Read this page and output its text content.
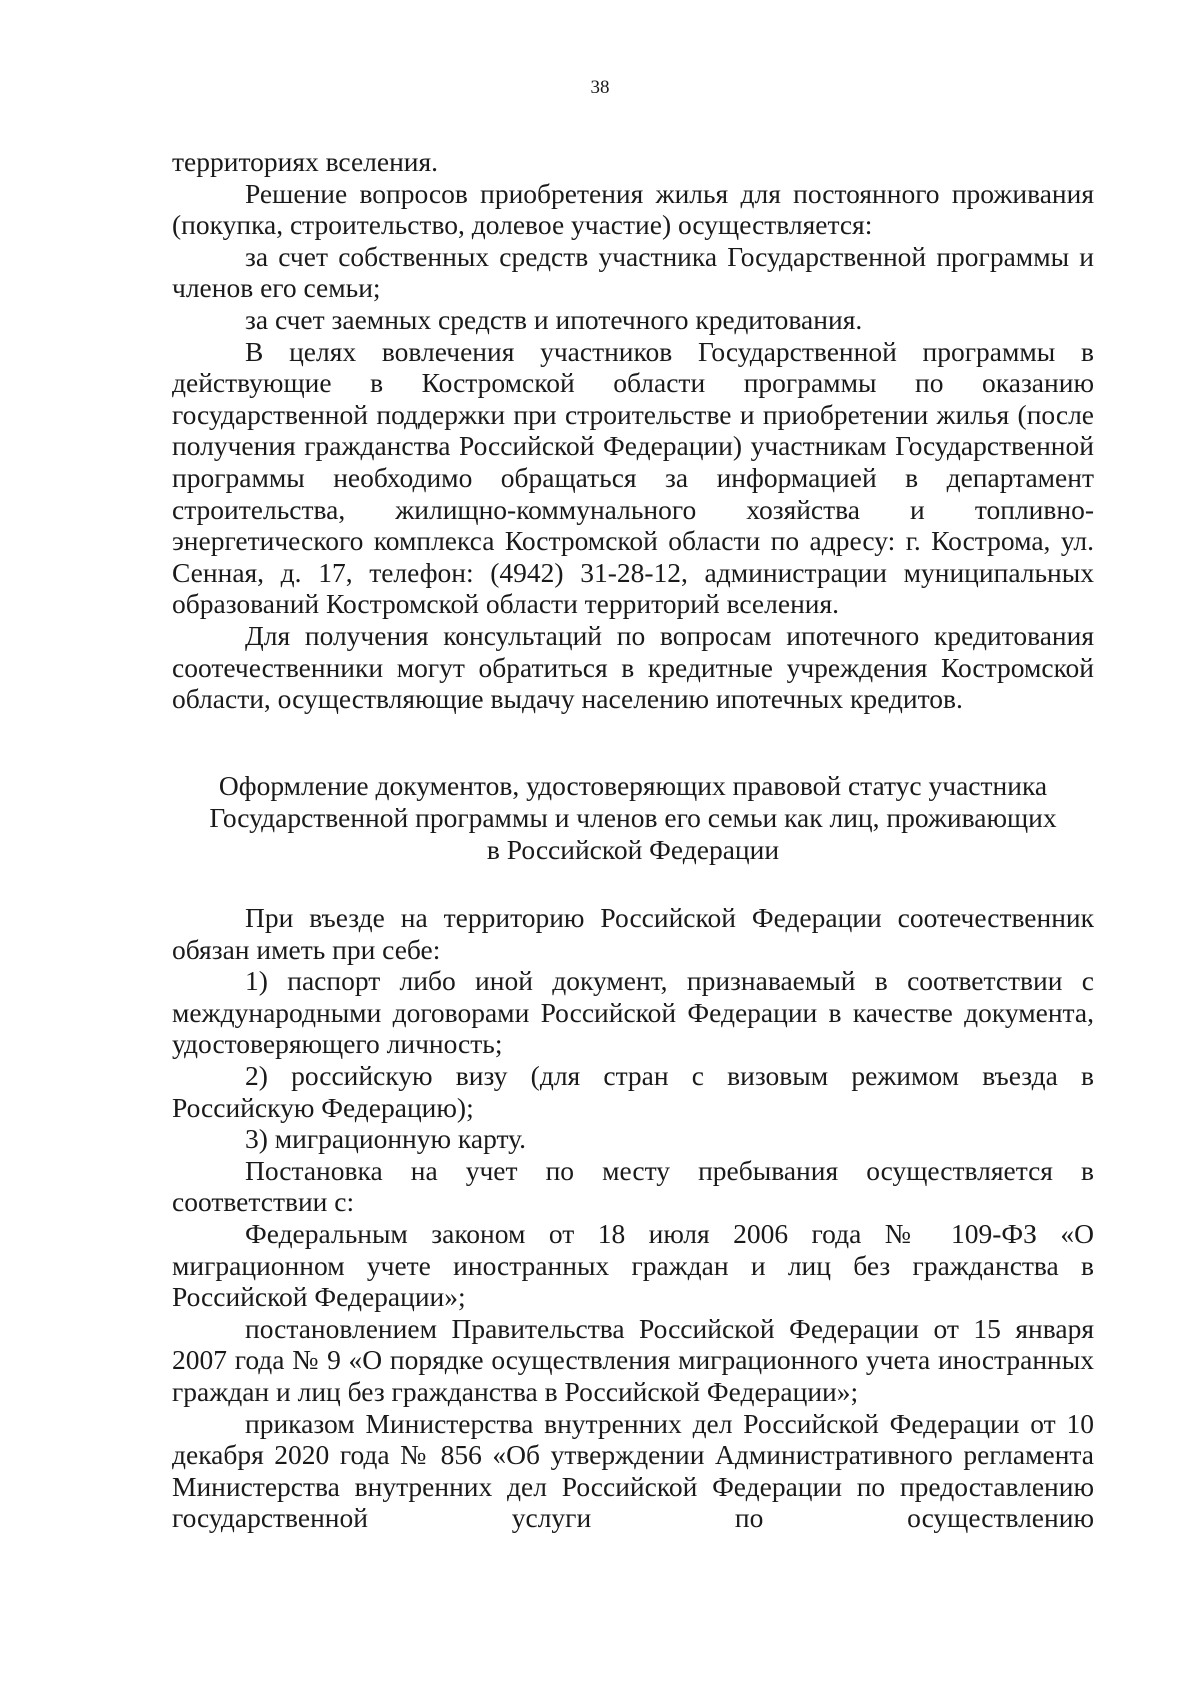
38

территориях вселения.

Решение вопросов приобретения жилья для постоянного проживания (покупка, строительство, долевое участие) осуществляется:

за счет собственных средств участника Государственной программы и членов его семьи;

за счет заемных средств и ипотечного кредитования.

В целях вовлечения участников Государственной программы в действующие в Костромской области программы по оказанию государственной поддержки при строительстве и приобретении жилья (после получения гражданства Российской Федерации) участникам Государственной программы необходимо обращаться за информацией в департамент строительства, жилищно-коммунального хозяйства и топливно-энергетического комплекса Костромской области по адресу: г. Кострома, ул. Сенная, д. 17, телефон: (4942) 31-28-12, администрации муниципальных образований Костромской области территорий вселения.

Для получения консультаций по вопросам ипотечного кредитования соотечественники могут обратиться в кредитные учреждения Костромской области, осуществляющие выдачу населению ипотечных кредитов.

Оформление документов, удостоверяющих правовой статус участника
Государственной программы и членов его семьи как лиц, проживающих
в Российской Федерации

При въезде на территорию Российской Федерации соотечественник обязан иметь при себе:

1) паспорт либо иной документ, признаваемый в соответствии с международными договорами Российской Федерации в качестве документа, удостоверяющего личность;

2) российскую визу (для стран с визовым режимом въезда в Российскую Федерацию);

3) миграционную карту.

Постановка на учет по месту пребывания осуществляется в соответствии с:

Федеральным законом от 18 июля 2006 года № 109-ФЗ «О миграционном учете иностранных граждан и лиц без гражданства в Российской Федерации»;

постановлением Правительства Российской Федерации от 15 января 2007 года № 9 «О порядке осуществления миграционного учета иностранных граждан и лиц без гражданства в Российской Федерации»;

приказом Министерства внутренних дел Российской Федерации от 10 декабря 2020 года № 856 «Об утверждении Административного регламента Министерства внутренних дел Российской Федерации по предоставлению государственной услуги по осуществлению
